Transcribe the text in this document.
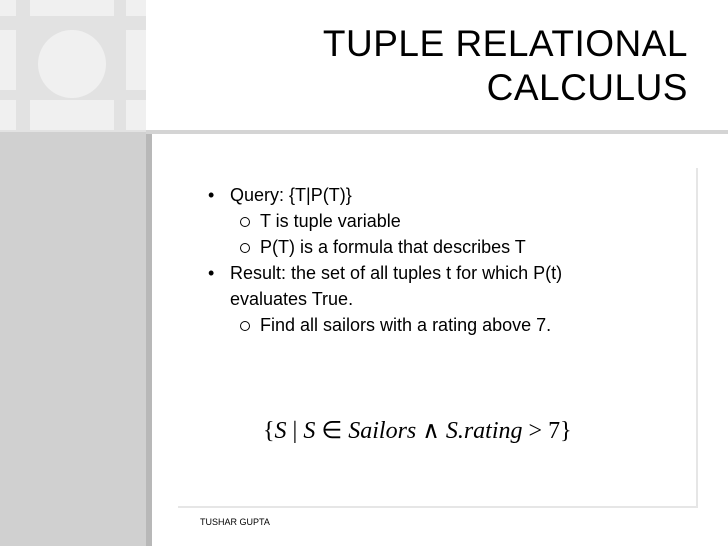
TUPLE RELATIONAL
CALCULUS
• Query: {T|P(T)}
T is tuple variable
P(T) is a formula that describes T
• Result: the set of all tuples t for which P(t)
evaluates True.
Find all sailors with a rating above 7.
{S | S ∈ Sailors ∧ S.rating > 7}
TUSHAR GUPTA
